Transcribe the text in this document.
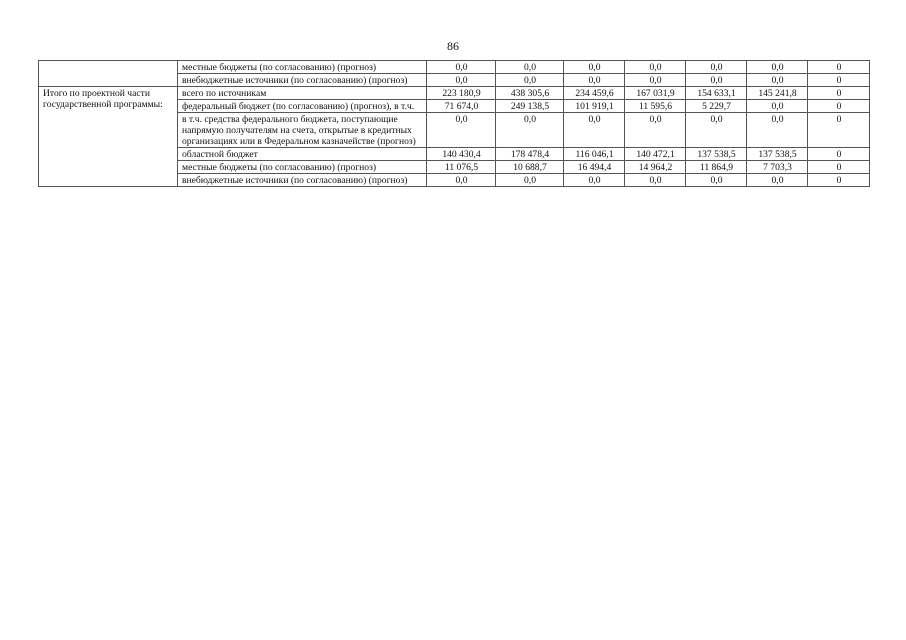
86
	местные бюджеты (по согласованию) (прогноз)	0,0	0,0	0,0	0,0	0,0	0,0	0
	внебюджетные источники (по согласованию) (прогноз)	0,0	0,0	0,0	0,0	0,0	0,0	0
Итого по проектной части государственной программы:	всего по источникам	223 180,9	438 305,6	234 459,6	167 031,9	154 633,1	145 241,8	0
	федеральный бюджет (по согласованию) (прогноз), в т.ч.	71 674,0	249 138,5	101 919,1	11 595,6	5 229,7	0,0	0
	в т.ч. средства федерального бюджета, поступающие напрямую получателям на счета, открытые в кредитных организациях или в Федеральном казначействе (прогноз)	0,0	0,0	0,0	0,0	0,0	0,0	0
	областной бюджет	140 430,4	178 478,4	116 046,1	140 472,1	137 538,5	137 538,5	0
	местные бюджеты (по согласованию) (прогноз)	11 076,5	10 688,7	16 494,4	14 964,2	11 864,9	7 703,3	0
	внебюджетные источники (по согласованию) (прогноз)	0,0	0,0	0,0	0,0	0,0	0,0	0
